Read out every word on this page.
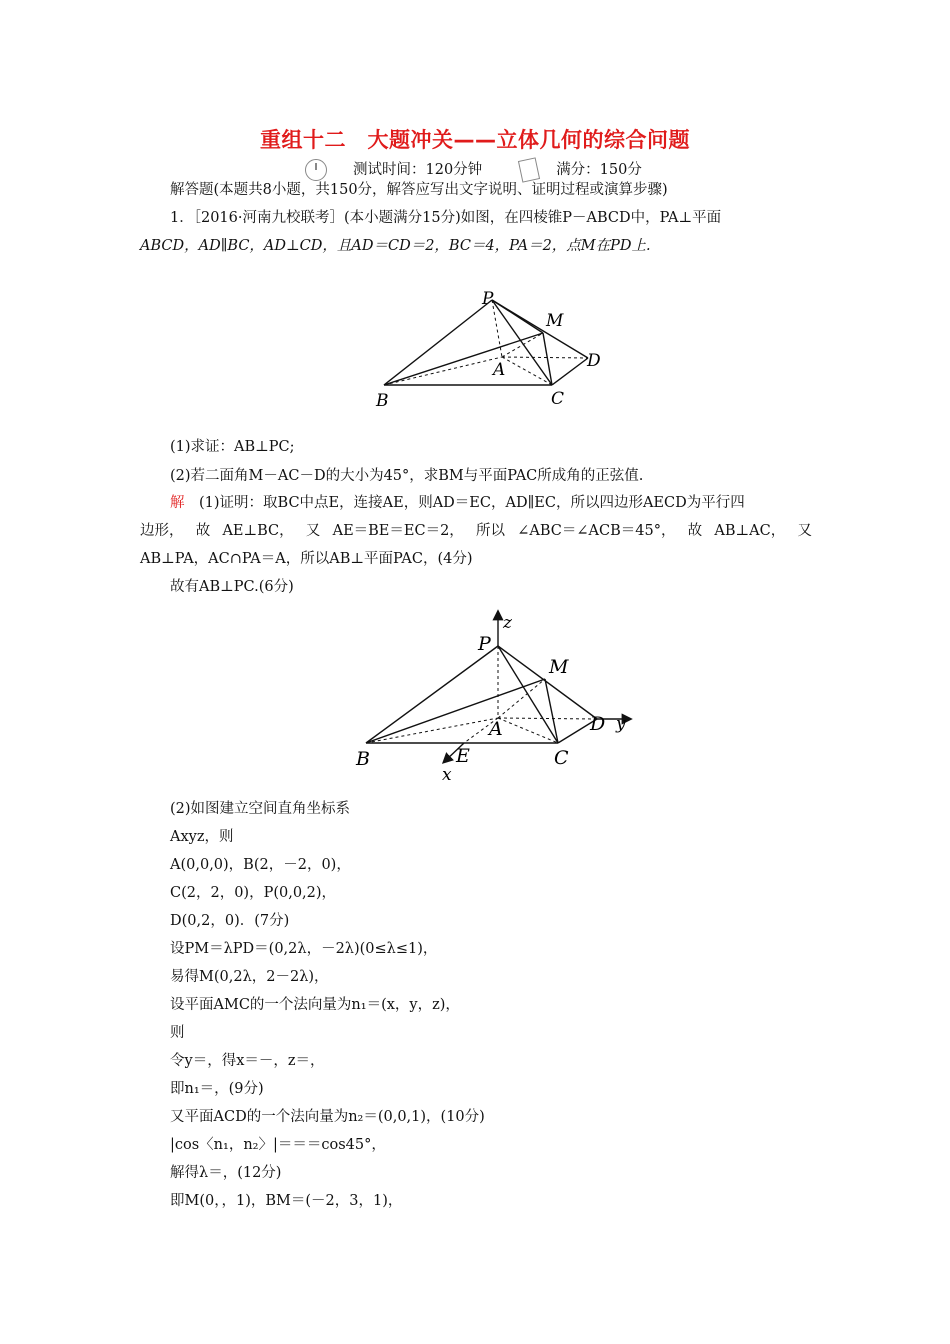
重组十二　大题冲关——立体几何的综合问题
测试时间：120分钟	满分：150分
解答题(本题共8小题，共150分，解答应写出文字说明、证明过程或演算步骤)
1．［2016·河南九校联考］(本小题满分15分)如图，在四棱锥P－ABCD中，PA⊥平面
ABCD，AD∥BC，AD⊥CD，且AD＝CD＝2，BC＝4，PA＝2，点M在PD上.
P
M
D
A
B	C
(1)求证：AB⊥PC;
(2)若二面角M－AC－D的大小为45°，求BM与平面PAC所成角的正弦值.
解　 (1)证明：取BC中点E，连接AE，则AD＝EC，AD∥EC，所以四边形AECD为平行四
边形， 故 AE⊥BC， 又 AE＝BE＝EC＝2， 所以 ∠ABC＝∠ACB＝45°， 故 AB⊥AC， 又
AB⊥PA，AC∩PA＝A，所以AB⊥平面PAC，(4分)
故有AB⊥PC.(6分)
P
z
M
D y
A
B	E	C
x
(2)如图建立空间直角坐标系
Axyz，则
A(0,0,0)，B(2，－2，0)，
C(2，2，0)，P(0,0,2)，
D(0,2，0)．(7分)
设PM＝λPD＝(0,2λ，－2λ)(0≤λ≤1)，
易得M(0,2λ，2－2λ)，
设平面AMC的一个法向量为n₁＝(x，y，z)，
则
令y＝，得x＝－，z＝，
即n₁＝，(9分)
又平面ACD的一个法向量为n₂＝(0,0,1)，(10分)
|cos〈n₁，n₂〉|＝＝＝cos45°，
解得λ＝，(12分)
即M(0，，1)，BM＝(－2，3，1)，
